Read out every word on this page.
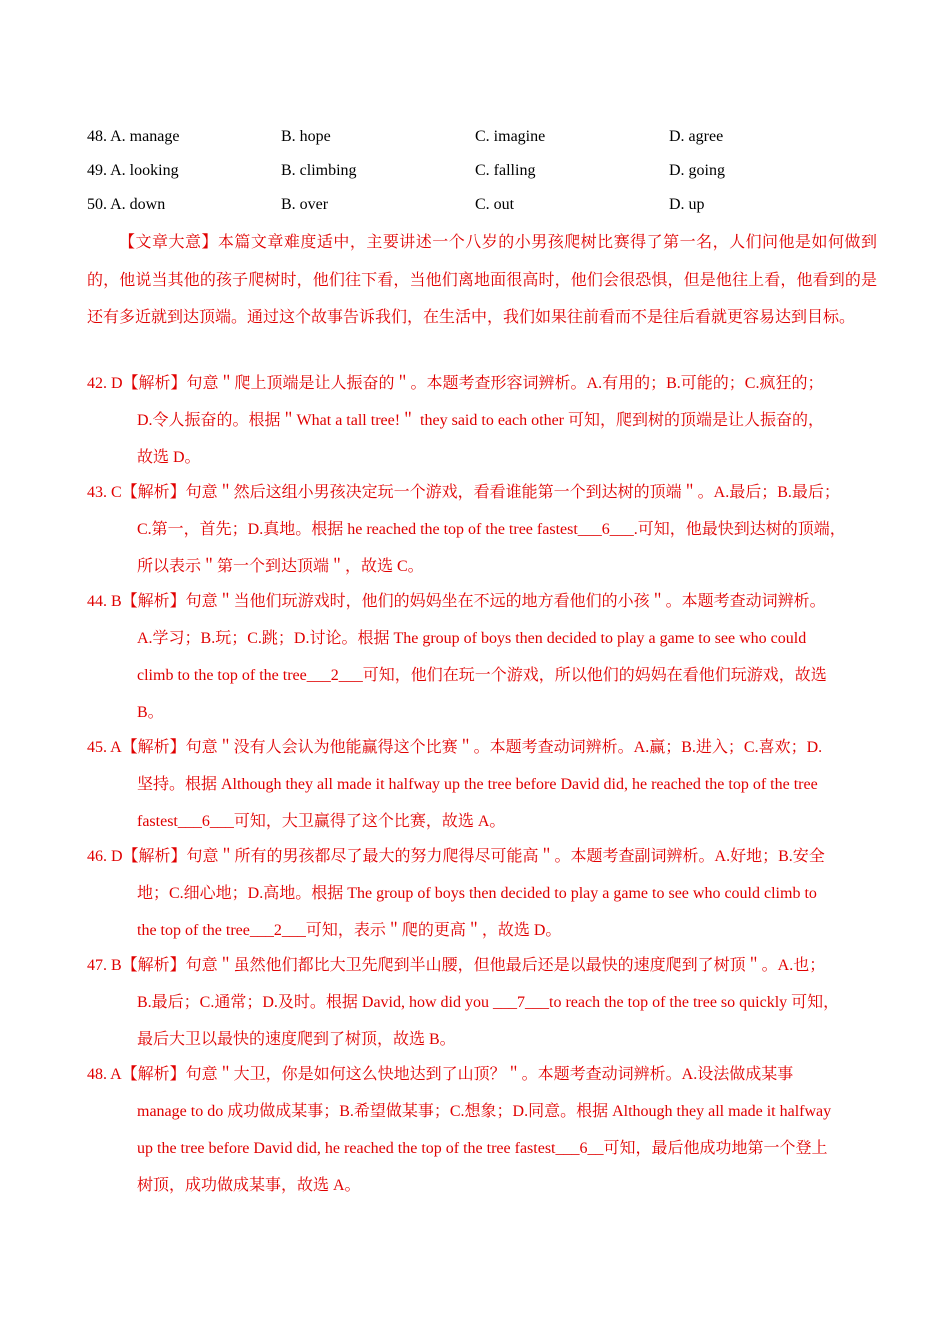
48. A. manage	B. hope	C. imagine	D. agree
49. A. looking	B. climbing	C. falling	D. going
50. A. down	B. over	C. out	D. up
【文章大意】本篇文章难度适中，主要讲述一个八岁的小男孩爬树比赛得了第一名，人们问他是如何做到的，他说当其他的孩子爬树时，他们往下看，当他们离地面很高时，他们会很恐惧，但是他往上看，他看到的是还有多近就到达顶端。通过这个故事告诉我们，在生活中，我们如果往前看而不是往后看就更容易达到目标。
42. D【解析】句意＂爬上顶端是让人振奋的＂。本题考查形容词辨析。A.有用的；B.可能的；C.疯狂的；
D.令人振奋的。根据＂What a tall tree!＂ they said to each other 可知，爬到树的顶端是让人振奋的，
故选 D。
43. C【解析】句意＂然后这组小男孩决定玩一个游戏，看看谁能第一个到达树的顶端＂。A.最后；B.最后；
C.第一，首先；D.真地。根据 he reached the top of the tree fastest___6___.可知，他最快到达树的顶端，
所以表示＂第一个到达顶端＂，故选 C。
44. B【解析】句意＂当他们玩游戏时，他们的妈妈坐在不远的地方看他们的小孩＂。本题考查动词辨析。
A.学习；B.玩；C.跳；D.讨论。根据 The group of boys then decided to play a game to see who could
climb to the top of the tree___2___可知，他们在玩一个游戏，所以他们的妈妈在看他们玩游戏，故选
B。
45. A【解析】句意＂没有人会认为他能赢得这个比赛＂。本题考查动词辨析。A.赢；B.进入；C.喜欢；D.
坚持。根据 Although they all made it halfway up the tree before David did, he reached the top of the tree
fastest___6___可知，大卫赢得了这个比赛，故选 A。
46. D【解析】句意＂所有的男孩都尽了最大的努力爬得尽可能高＂。本题考查副词辨析。A.好地；B.安全
地；C.细心地；D.高地。根据 The group of boys then decided to play a game to see who could climb to
the top of the tree___2___可知，表示＂爬的更高＂，故选 D。
47. B【解析】句意＂虽然他们都比大卫先爬到半山腰，但他最后还是以最快的速度爬到了树顶＂。A.也；
B.最后；C.通常；D.及时。根据 David, how did you ___7___to reach the top of the tree so quickly 可知，
最后大卫以最快的速度爬到了树顶，故选 B。
48. A【解析】句意＂大卫，你是如何这么快地达到了山顶？＂。本题考查动词辨析。A.设法做成某事
manage to do 成功做成某事；B.希望做某事；C.想象；D.同意。根据 Although they all made it halfway
up the tree before David did, he reached the top of the tree fastest___6__可知，最后他成功地第一个登上
树顶，成功做成某事，故选 A。
